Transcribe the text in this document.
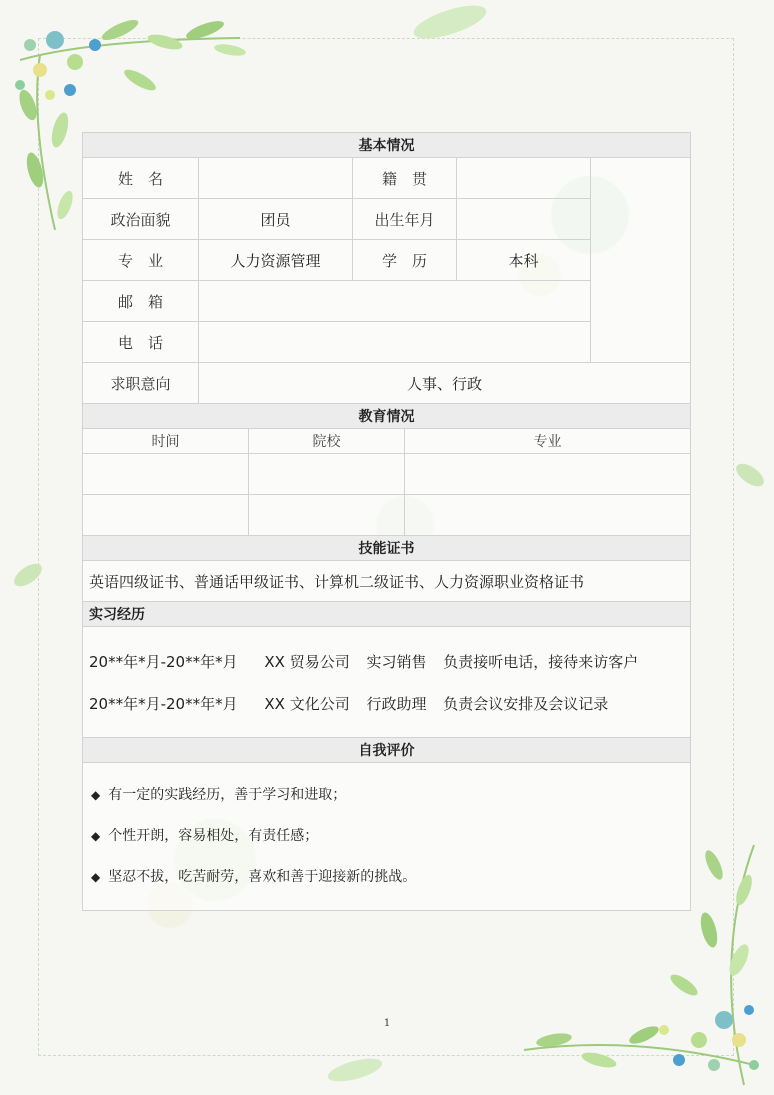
基本情况						
姓　名			籍　贯			
政治面貌	团员		出生年月			
专　业	人力资源管理		学　历		本科	
邮　箱						
电　话						
求职意向	人事、行政					
教育情况						
时间		院校		专业		

技能证书						
英语四级证书、普通话甲级证书、计算机二级证书、人力资源职业资格证书						
实习经历						

20**年*月-20**年*月 XX 贸易公司 实习销售 负责接听电话，接待来访客户
20**年*月-20**年*月 XX 文化公司 行政助理 负责会议安排及会议记录						

自我评价						

◆ 有一定的实践经历，善于学习和进取；
◆ 个性开朗，容易相处，有责任感；
◆ 坚忍不拔，吃苦耐劳，喜欢和善于迎接新的挑战。						
1
